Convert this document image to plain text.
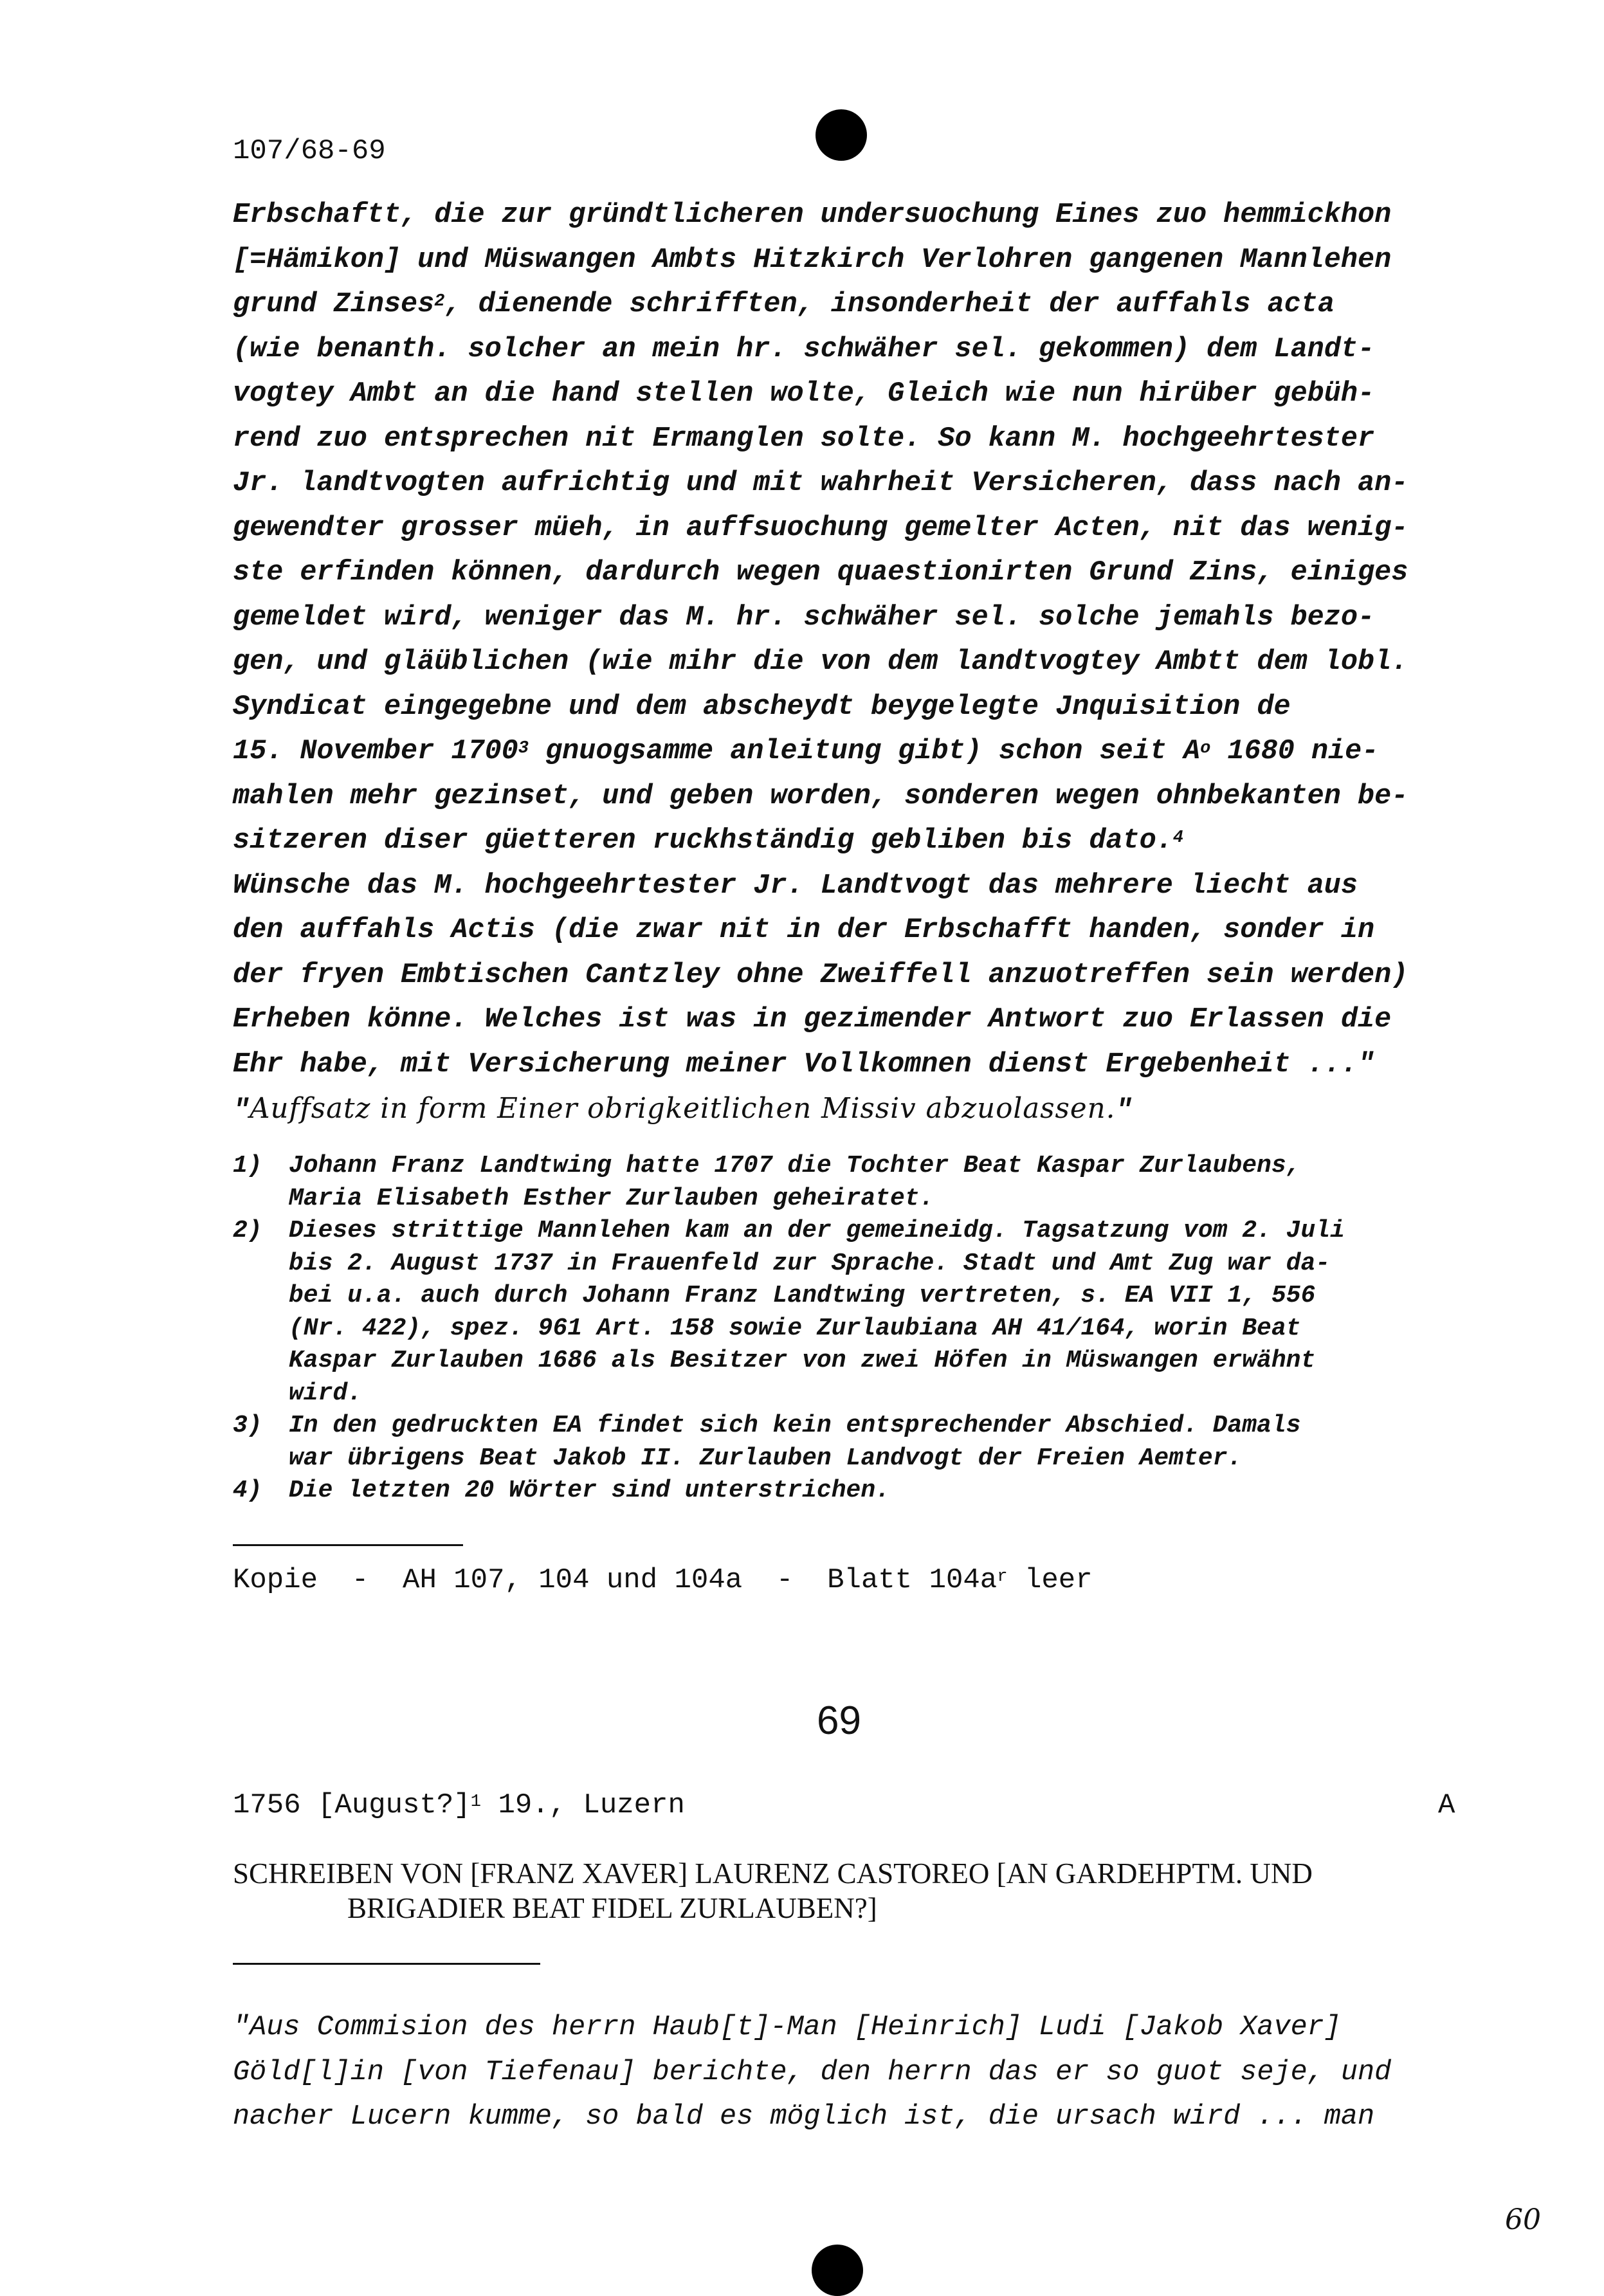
107/68-69
Erbschaftt, die zur gründtlicheren undersuochung Eines zuo hemmickhon
[=Hämikon] und Müswangen Ambts Hitzkirch Verlohren gangenen Mannlehen
grund Zinses$^2$, dienende schrifften, insonderheit der auffahls acta
(wie benanth. solcher an mein hr. schwäher sel. gekommen) dem Landt-
vogtey Ambt an die hand stellen wolte, Gleich wie nun hirüber gebüh-
rend zuo entsprechen nit Ermanglen solte. So kann M. hochgeehrtester
Jr. landtvogten aufrichtig und mit wahrheit Versicheren, dass nach an-
gewendter grosser müeh, in auffsuochung gemelter Acten, nit das wenig-
ste erfinden können, dardurch wegen quaestionirten Grund Zins, einiges
gemeldet wird, weniger das M. hr. schwäher sel. solche jemahls bezo-
gen, und gläüblichen (wie mihr die von dem landtvogtey Ambtt dem lobl.
Syndicat eingegebne und dem abscheydt beygelegte Jnquisition de
15. November 1700$^3$ gnuogsamme anleitung gibt) schon seit $A^o$ 1680 nie-
mahlen mehr gezinset, und geben worden, sonderen wegen ohnbekanten be-
sitzeren diser güetteren ruckhständig gebliben bis dato.$^4$
Wünsche das M. hochgeehrtester Jr. Landtvogt das mehrere liecht aus
den auffahls Actis (die zwar nit in der Erbschafft handen, sonder in
der fryen Embtischen Cantzley ohne Zweiffell anzuotreffen sein werden)
Erheben könne. Welches ist was in gezimender Antwort zuo Erlassen die
Ehr habe, mit Versicherung meiner Vollkomnen dienst Ergebenheit ..."
"Auffsatz in form Einer obrigkeitlichen Missiv abzuolassen."
1) Johann Franz Landtwing hatte 1707 die Tochter Beat Kaspar Zurlaubens,
Maria Elisabeth Esther Zurlauben geheiratet.
2) Dieses strittige Mannlehen kam an der gemeineidg. Tagsatzung vom 2. Juli
bis 2. August 1737 in Frauenfeld zur Sprache. Stadt und Amt Zug war da-
bei u.a. auch durch Johann Franz Landtwing vertreten, s. EA VII 1, 556
(Nr. 422), spez. 961 Art. 158 sowie Zurlaubiana AH 41/164, worin Beat
Kaspar Zurlauben 1686 als Besitzer von zwei Höfen in Müswangen erwähnt
wird.
3) In den gedruckten EA findet sich kein entsprechender Abschied. Damals
war übrigens Beat Jakob II. Zurlauben Landvogt der Freien Aemter.
4) Die letzten 20 Wörter sind unterstrichen.
Kopie  -  AH 107, 104 und 104a  -  Blatt $104a^r$ leer
69
1756 [August?]$^1$ 19., Luzern	A
SCHREIBEN VON [FRANZ XAVER] LAURENZ CASTOREO [AN GARDEHPTM. UND
BRIGADIER BEAT FIDEL ZURLAUBEN?]
"Aus Commision des herrn Haub[t]-Man [Heinrich] Ludi [Jakob Xaver]
Göld[l]in [von Tiefenau] berichte, den herrn das er so guot seje, und
nacher Lucern kumme, so bald es möglich ist, die ursach wird ... man
60
